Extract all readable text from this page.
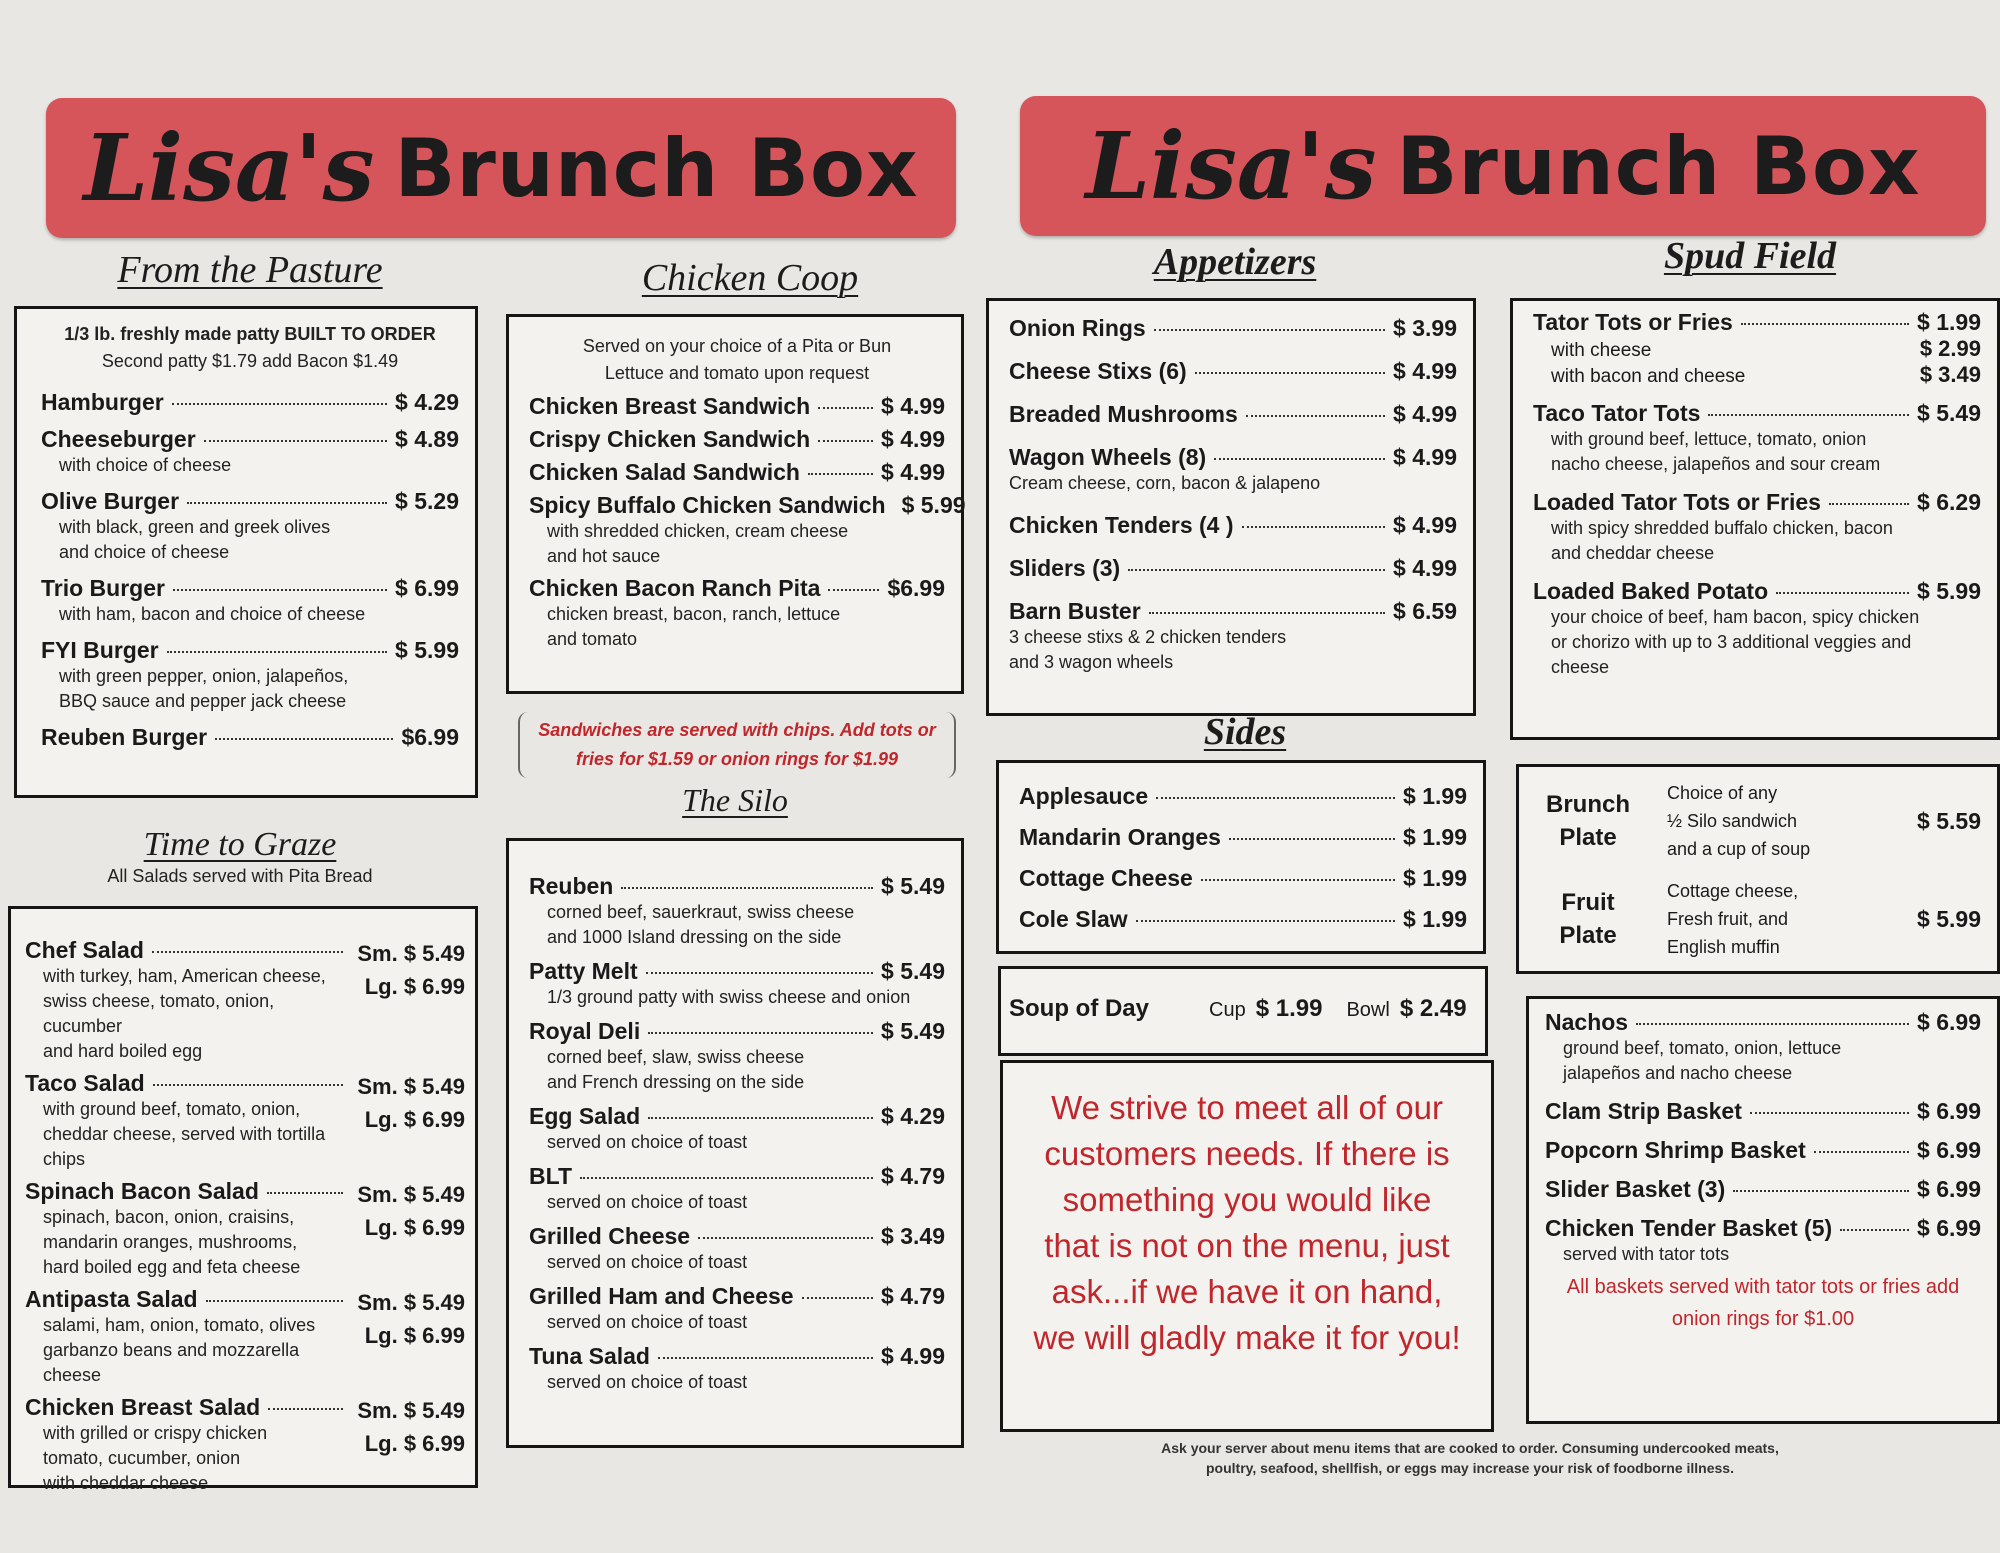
Lisa's Brunch Box Lisa's Brunch Box
From the Pasture
1/3 lb. freshly made patty BUILT TO ORDER
Second patty $1.79 add Bacon $1.49
Hamburger	$ 4.29
Cheeseburger	$ 4.89
with choice of cheese
Olive Burger	$ 5.29
with black, green and greek olives
and choice of cheese
Trio Burger	$ 6.99
with ham, bacon and choice of cheese
FYI Burger	$ 5.99
with green pepper, onion, jalapeños,
BBQ sauce and pepper jack cheese
Reuben Burger	$6.99
Time to Graze
All Salads served with Pita Bread
Chef Salad
with turkey, ham, American cheese,
swiss cheese, tomato, onion, cucumber
and hard boiled egg
Sm. $ 5.49
Lg. $ 6.99
Taco Salad
with ground beef, tomato, onion,
cheddar cheese, served with tortilla chips
Sm. $ 5.49
Lg. $ 6.99
Spinach Bacon Salad
spinach, bacon, onion, craisins,
mandarin oranges, mushrooms,
hard boiled egg and feta cheese
Sm. $ 5.49
Lg. $ 6.99
Antipasta Salad
salami, ham, onion, tomato, olives
garbanzo beans and mozzarella cheese
Sm. $ 5.49
Lg. $ 6.99
Chicken Breast Salad
with grilled or crispy chicken
tomato, cucumber, onion
with cheddar cheese
Sm. $ 5.49
Lg. $ 6.99
Chicken Coop
Served on your choice of a Pita or Bun
Lettuce and tomato upon request
Chicken Breast Sandwich	$ 4.99
Crispy Chicken Sandwich	$ 4.99
Chicken Salad Sandwich	$ 4.99
Spicy Buffalo Chicken Sandwich $ 5.99
with shredded chicken, cream cheese
and hot sauce
Chicken Bacon Ranch Pita	$6.99
chicken breast, bacon, ranch, lettuce
and tomato
Sandwiches are served with chips. Add tots or
fries for $1.59 or onion rings for $1.99
The Silo
Reuben	$ 5.49
corned beef, sauerkraut, swiss cheese
and 1000 Island dressing on the side
Patty Melt	$ 5.49
1/3 ground patty with swiss cheese and onion
Royal Deli	$ 5.49
corned beef, slaw, swiss cheese
and French dressing on the side
Egg Salad	$ 4.29
served on choice of toast
BLT	$ 4.79
served on choice of toast
Grilled Cheese	$ 3.49
served on choice of toast
Grilled Ham and Cheese	$ 4.79
served on choice of toast
Tuna Salad	$ 4.99
served on choice of toast
Appetizers
Onion Rings	$ 3.99
Cheese Stixs (6)	$ 4.99
Breaded Mushrooms	$ 4.99
Wagon Wheels (8)	$ 4.99
Cream cheese, corn, bacon & jalapeno
Chicken Tenders (4 )	$ 4.99
Sliders (3)	$ 4.99
Barn Buster	$ 6.59
3 cheese stixs & 2 chicken tenders
and 3 wagon wheels
Sides
Applesauce	$ 1.99
Mandarin Oranges	$ 1.99
Cottage Cheese	$ 1.99
Cole Slaw	$ 1.99
Soup of Day	Cup $ 1.99 Bowl $ 2.49
We strive to meet all of our
customers needs. If there is
something you would like
that is not on the menu, just
ask...if we have it on hand,
we will gladly make it for you!
Ask your server about menu items that are cooked to order. Consuming undercooked meats,
poultry, seafood, shellfish, or eggs may increase your risk of foodborne illness.
Spud Field
Tator Tots or Fries	$ 1.99
with cheese	$ 2.99
with bacon and cheese	$ 3.49
Taco Tator Tots	$ 5.49
with ground beef, lettuce, tomato, onion
nacho cheese, jalapeños and sour cream
Loaded Tator Tots or Fries	$ 6.29
with spicy shredded buffalo chicken, bacon
and cheddar cheese
Loaded Baked Potato	$ 5.99
your choice of beef, ham bacon, spicy chicken
or chorizo with up to 3 additional veggies and
cheese
Brunch
Plate
Choice of any
½ Silo sandwich
and a cup of soup
$ 5.59
Fruit
Plate
Cottage cheese,
Fresh fruit, and
English muffin
$ 5.99
Nachos	$ 6.99
ground beef, tomato, onion, lettuce
jalapeños and nacho cheese
Clam Strip Basket	$ 6.99
Popcorn Shrimp Basket	$ 6.99
Slider Basket (3)	$ 6.99
Chicken Tender Basket (5)	$ 6.99
served with tator tots
All baskets served with tator tots or fries add
onion rings for $1.00
